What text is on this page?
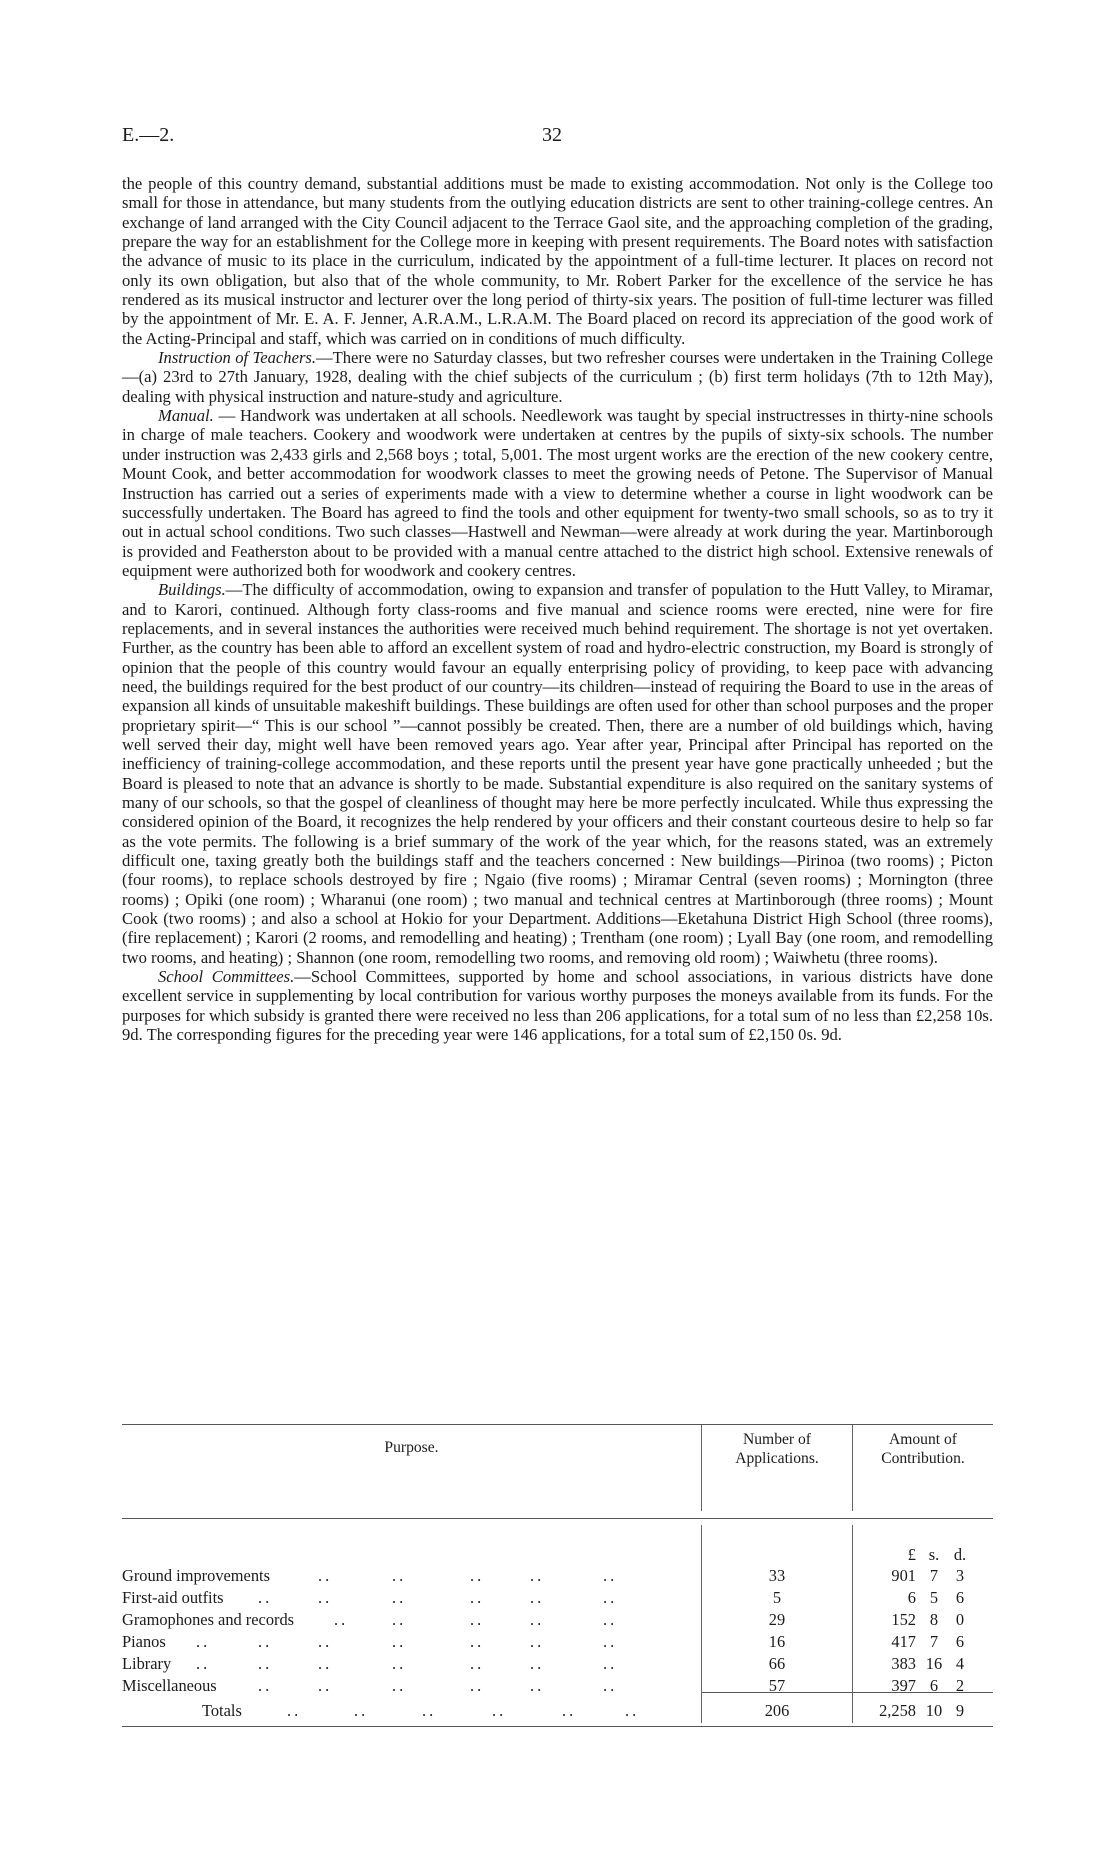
E.—2.	32

the people of this country demand, substantial additions must be made to existing accommodation. Not only is the College too small for those in attendance, but many students from the outlying education districts are sent to other training-college centres. An exchange of land arranged with the City Council adjacent to the Terrace Gaol site, and the approaching completion of the grading, prepare the way for an establishment for the College more in keeping with present requirements. The Board notes with satisfaction the advance of music to its place in the curriculum, indicated by the appointment of a full-time lecturer. It places on record not only its own obligation, but also that of the whole community, to Mr. Robert Parker for the excellence of the service he has rendered as its musical instructor and lecturer over the long period of thirty-six years. The position of full-time lecturer was filled by the appointment of Mr. E. A. F. Jenner, A.R.A.M., L.R.A.M. The Board placed on record its appreciation of the good work of the Acting-Principal and staff, which was carried on in conditions of much difficulty.

Instruction of Teachers.—There were no Saturday classes, but two refresher courses were undertaken in the Training College—(a) 23rd to 27th January, 1928, dealing with the chief subjects of the curriculum ; (b) first term holidays (7th to 12th May), dealing with physical instruction and nature-study and agriculture.

Manual. — Handwork was undertaken at all schools. Needlework was taught by special instructresses in thirty-nine schools in charge of male teachers. Cookery and woodwork were undertaken at centres by the pupils of sixty-six schools. The number under instruction was 2,433 girls and 2,568 boys ; total, 5,001. The most urgent works are the erection of the new cookery centre, Mount Cook, and better accommodation for woodwork classes to meet the growing needs of Petone. The Supervisor of Manual Instruction has carried out a series of experiments made with a view to determine whether a course in light woodwork can be successfully undertaken. The Board has agreed to find the tools and other equipment for twenty-two small schools, so as to try it out in actual school conditions. Two such classes—Hastwell and Newman—were already at work during the year. Martinborough is provided and Featherston about to be provided with a manual centre attached to the district high school. Extensive renewals of equipment were authorized both for woodwork and cookery centres.

Buildings.—The difficulty of accommodation, owing to expansion and transfer of population to the Hutt Valley, to Miramar, and to Karori, continued. Although forty class-rooms and five manual and science rooms were erected, nine were for fire replacements, and in several instances the authorities were received much behind requirement. The shortage is not yet overtaken. Further, as the country has been able to afford an excellent system of road and hydro-electric construction, my Board is strongly of opinion that the people of this country would favour an equally enterprising policy of providing, to keep pace with advancing need, the buildings required for the best product of our country—its children—instead of requiring the Board to use in the areas of expansion all kinds of unsuitable makeshift buildings. These buildings are often used for other than school purposes and the proper proprietary spirit—“ This is our school ”—cannot possibly be created. Then, there are a number of old buildings which, having well served their day, might well have been removed years ago. Year after year, Principal after Principal has reported on the inefficiency of training-college accommodation, and these reports until the present year have gone practically unheeded ; but the Board is pleased to note that an advance is shortly to be made. Substantial expenditure is also required on the sanitary systems of many of our schools, so that the gospel of cleanliness of thought may here be more perfectly inculcated. While thus expressing the considered opinion of the Board, it recognizes the help rendered by your officers and their constant courteous desire to help so far as the vote permits. The following is a brief summary of the work of the year which, for the reasons stated, was an extremely difficult one, taxing greatly both the buildings staff and the teachers concerned : New buildings—Pirinoa (two rooms) ; Picton (four rooms), to replace schools destroyed by fire ; Ngaio (five rooms) ; Miramar Central (seven rooms) ; Mornington (three rooms) ; Opiki (one room) ; Wharanui (one room) ; two manual and technical centres at Martinborough (three rooms) ; Mount Cook (two rooms) ; and also a school at Hokio for your Department. Additions—Eketahuna District High School (three rooms), (fire replacement) ; Karori (2 rooms, and remodelling and heating) ; Trentham (one room) ; Lyall Bay (one room, and remodelling two rooms, and heating) ; Shannon (one room, remodelling two rooms, and removing old room) ; Waiwhetu (three rooms).

School Committees.—School Committees, supported by home and school associations, in various districts have done excellent service in supplementing by local contribution for various worthy purposes the moneys available from its funds. For the purposes for which subsidy is granted there were received no less than 206 applications, for a total sum of no less than £2,258 10s. 9d. The corresponding figures for the preceding year were 146 applications, for a total sum of £2,150 0s. 9d.

Purpose.	Number of
Applications.
Amount of
Contribution.
£ s. d.
Ground improvements	..	..	..	..	..	33	901 7	3
First-aid outfits ..	..	..	..	..	..	5	6 5	6
Gramophones and records ..	..	..	..	..	29	152 8	0
Pianos ..	..	..	..	..	..	..	16	417 7	6
Library ..	..	..	..	..	..	..	66	383 16 4
Miscellaneous	..	..	..	..	..	..	57	397 6	2
Totals	..	..	..	..	..	..	206	2,258 10 9
